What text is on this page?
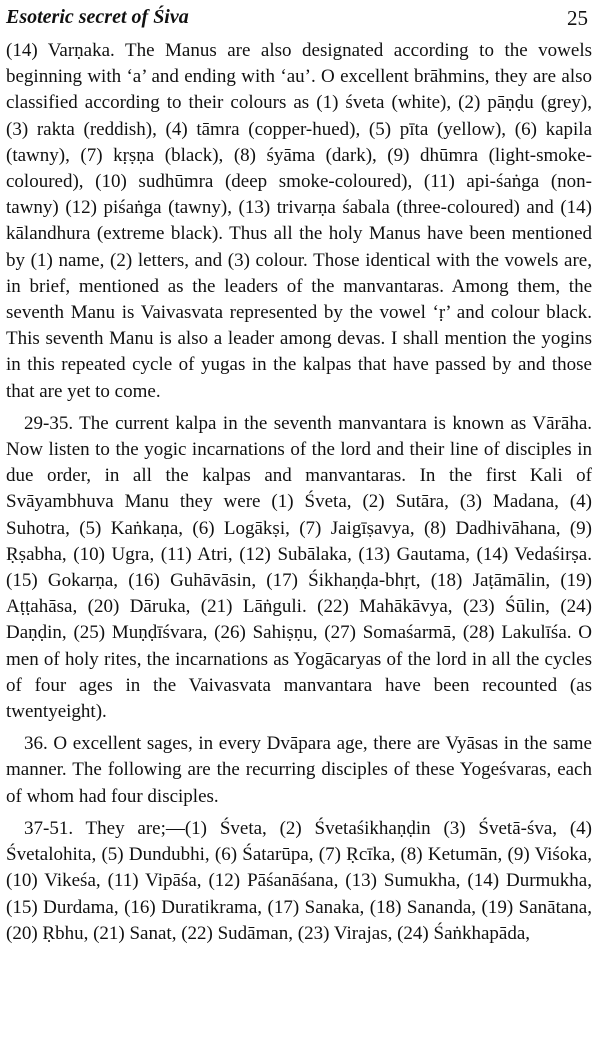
Esoteric secret of Śiva	25

(14) Varṇaka. The Manus are also designated according to the vowels beginning with ‘a’ and ending with ‘au’. O excellent brāhmins, they are also classified according to their colours as (1) śveta (white), (2) pāṇḍu (grey), (3) rakta (reddish), (4) tāmra (copper-hued), (5) pīta (yellow), (6) kapila (tawny), (7) kṛṣṇa (black), (8) śyāma (dark), (9) dhūmra (light-smoke-coloured), (10) sudhūmra (deep smoke-coloured), (11) api-śaṅga (non-tawny) (12) piśaṅga (tawny), (13) trivarṇa śabala (three-coloured) and (14) kālandhura (extreme black). Thus all the holy Manus have been mentioned by (1) name, (2) letters, and (3) colour. Those identical with the vowels are, in brief, mentioned as the leaders of the manvantaras. Among them, the seventh Manu is Vaivasvata represented by the vowel ‘ṛ’ and colour black. This seventh Manu is also a leader among devas. I shall mention the yogins in this repeated cycle of yugas in the kalpas that have passed by and those that are yet to come.

29-35. The current kalpa in the seventh manvantara is known as Vārāha. Now listen to the yogic incarnations of the lord and their line of disciples in due order, in all the kalpas and manvantaras. In the first Kali of Svāyambhuva Manu they were (1) Śveta, (2) Sutāra, (3) Madana, (4) Suhotra, (5) Kaṅkaṇa, (6) Logākṣi, (7) Jaigīṣavya, (8) Dadhivāhana, (9) Ṛṣabha, (10) Ugra, (11) Atri, (12) Subālaka, (13) Gautama, (14) Vedaśirṣa. (15) Gokarṇa, (16) Guhāvāsin, (17) Śikhaṇḍa-bhṛt, (18) Jaṭāmālin, (19) Aṭṭahāsa, (20) Dāruka, (21) Lāṅguli. (22) Mahākāvya, (23) Śūlin, (24) Daṇḍin, (25) Muṇḍīśvara, (26) Sahiṣṇu, (27) Somaśarmā, (28) Lakulīśa. O men of holy rites, the incarnations as Yogācaryas of the lord in all the cycles of four ages in the Vaivasvata manvantara have been recounted (as twentyeight).

36. O excellent sages, in every Dvāpara age, there are Vyāsas in the same manner. The following are the recurring disciples of these Yogeśvaras, each of whom had four disciples.

37-51. They are;—(1) Śveta, (2) Śvetaśikhaṇḍin (3) Śvetā-śva, (4) Śvetalohita, (5) Dundubhi, (6) Śatarūpa, (7) Ṛcīka, (8) Ketumān, (9) Viśoka, (10) Vikeśa, (11) Vipāśa, (12) Pāśanāśana, (13) Sumukha, (14) Durmukha, (15) Durdama, (16) Duratikrama, (17) Sanaka, (18) Sananda, (19) Sanātana, (20) Ṛbhu, (21) Sanat, (22) Sudāman, (23) Virajas, (24) Śaṅkhapāda,
